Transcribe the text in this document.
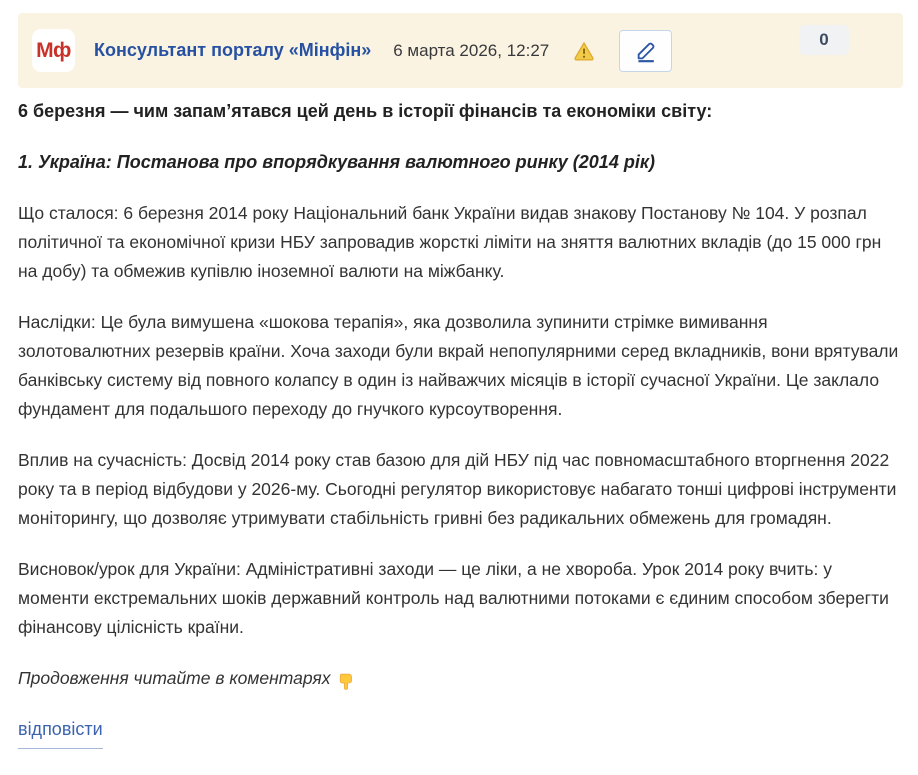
Мф Консультант порталу «Мінфін» 6 марта 2026, 12:27
0

6 березня — чим запам’ятався цей день в історії фінансів та економіки світу:

1. Україна: Постанова про впорядкування валютного ринку (2014 рік)

Що сталося: 6 березня 2014 року Національний банк України видав знакову Постанову № 104. У розпал політичної та економічної кризи НБУ запровадив жорсткі ліміти на зняття валютних вкладів (до 15 000 грн на добу) та обмежив купівлю іноземної валюти на міжбанку.

Наслідки: Це була вимушена «шокова терапія», яка дозволила зупинити стрімке вимивання золотовалютних резервів країни. Хоча заходи були вкрай непопулярними серед вкладників, вони врятували банківську систему від повного колапсу в один із найважчих місяців в історії сучасної України. Це заклало фундамент для подальшого переходу до гнучкого курсоутворення.

Вплив на сучасність: Досвід 2014 року став базою для дій НБУ під час повномасштабного вторгнення 2022 року та в період відбудови у 2026-му. Сьогодні регулятор використовує набагато тонші цифрові інструменти моніторингу, що дозволяє утримувати стабільність гривні без радикальних обмежень для громадян.

Висновок/урок для України: Адміністративні заходи — це ліки, а не хвороба. Урок 2014 року вчить: у моменти екстремальних шоків державний контроль над валютними потоками є єдиним способом зберегти фінансову цілісність країни.

Продовження читайте в коментарях

відповісти
